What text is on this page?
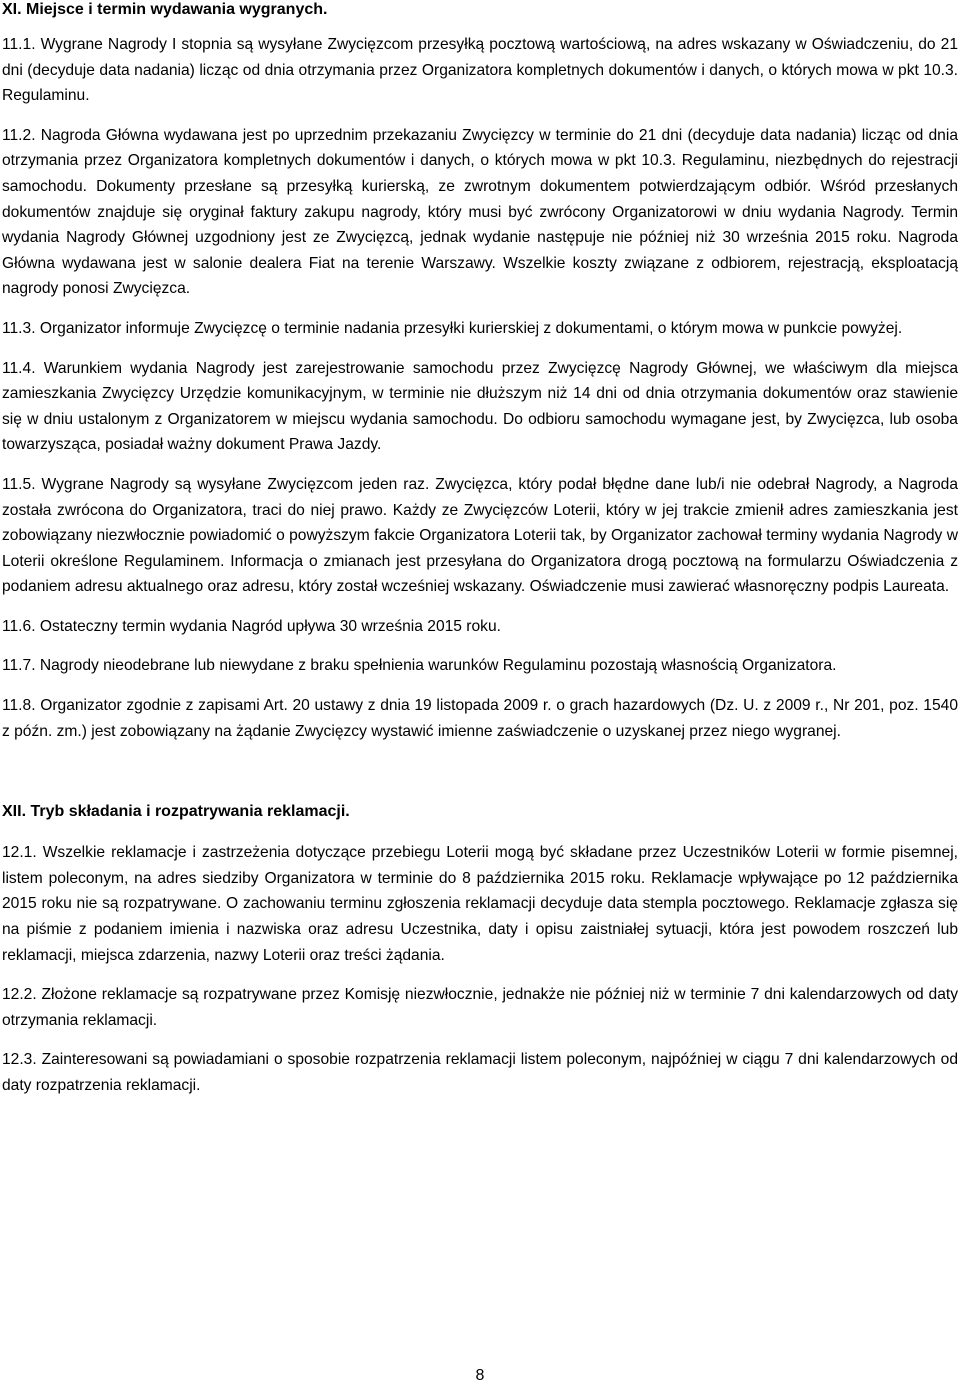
XI. Miejsce i termin wydawania wygranych.

11.1. Wygrane Nagrody I stopnia są wysyłane Zwycięzcom przesyłką pocztową wartościową, na adres wskazany w Oświadczeniu, do 21 dni (decyduje data nadania) licząc od dnia otrzymania przez Organizatora kompletnych dokumentów i danych, o których mowa w pkt 10.3. Regulaminu.

11.2. Nagroda Główna wydawana jest po uprzednim przekazaniu Zwycięzcy w terminie do 21 dni (decyduje data nadania) licząc od dnia otrzymania przez Organizatora kompletnych dokumentów i danych, o których mowa w pkt 10.3. Regulaminu, niezbędnych do rejestracji samochodu. Dokumenty przesłane są przesyłką kurierską, ze zwrotnym dokumentem potwierdzającym odbiór. Wśród przesłanych dokumentów znajduje się oryginał faktury zakupu nagrody, który musi być zwrócony Organizatorowi w dniu wydania Nagrody. Termin wydania Nagrody Głównej uzgodniony jest ze Zwycięzcą, jednak wydanie następuje nie później niż 30 września 2015 roku. Nagroda Główna wydawana jest w salonie dealera Fiat na terenie Warszawy. Wszelkie koszty związane z odbiorem, rejestracją, eksploatacją nagrody ponosi Zwycięzca.

11.3. Organizator informuje Zwycięzcę o terminie nadania przesyłki kurierskiej z dokumentami, o którym mowa w punkcie powyżej.

11.4. Warunkiem wydania Nagrody jest zarejestrowanie samochodu przez Zwycięzcę Nagrody Głównej, we właściwym dla miejsca zamieszkania Zwycięzcy Urzędzie komunikacyjnym, w terminie nie dłuższym niż 14 dni od dnia otrzymania dokumentów oraz stawienie się w dniu ustalonym z Organizatorem w miejscu wydania samochodu. Do odbioru samochodu wymagane jest, by Zwycięzca, lub osoba towarzysząca, posiadał ważny dokument Prawa Jazdy.

11.5. Wygrane Nagrody są wysyłane Zwycięzcom jeden raz. Zwycięzca, który podał błędne dane lub/i nie odebrał Nagrody, a Nagroda została zwrócona do Organizatora, traci do niej prawo. Każdy ze Zwycięzców Loterii, który w jej trakcie zmienił adres zamieszkania jest zobowiązany niezwłocznie powiadomić o powyższym fakcie Organizatora Loterii tak, by Organizator zachował terminy wydania Nagrody w Loterii określone Regulaminem. Informacja o zmianach jest przesyłana do Organizatora drogą pocztową na formularzu Oświadczenia z podaniem adresu aktualnego oraz adresu, który został wcześniej wskazany. Oświadczenie musi zawierać własnoręczny podpis Laureata.

11.6. Ostateczny termin wydania Nagród upływa 30 września 2015 roku.

11.7. Nagrody nieodebrane lub niewydane z braku spełnienia warunków Regulaminu pozostają własnością Organizatora.

11.8. Organizator zgodnie z zapisami Art. 20 ustawy z dnia 19 listopada 2009 r. o grach hazardowych (Dz. U. z 2009 r., Nr 201, poz. 1540 z późn. zm.) jest zobowiązany na żądanie Zwycięzcy wystawić imienne zaświadczenie o uzyskanej przez niego wygranej.

XII. Tryb składania i rozpatrywania reklamacji.

12.1. Wszelkie reklamacje i zastrzeżenia dotyczące przebiegu Loterii mogą być składane przez Uczestników Loterii w formie pisemnej, listem poleconym, na adres siedziby Organizatora w terminie do 8 października 2015 roku. Reklamacje wpływające po 12 października 2015 roku nie są rozpatrywane. O zachowaniu terminu zgłoszenia reklamacji decyduje data stempla pocztowego. Reklamacje zgłasza się na piśmie z podaniem imienia i nazwiska oraz adresu Uczestnika, daty i opisu zaistniałej sytuacji, która jest powodem roszczeń lub reklamacji, miejsca zdarzenia, nazwy Loterii oraz treści żądania.

12.2. Złożone reklamacje są rozpatrywane przez Komisję niezwłocznie, jednakże nie później niż w terminie 7 dni kalendarzowych od daty otrzymania reklamacji.

12.3. Zainteresowani są powiadamiani o sposobie rozpatrzenia reklamacji listem poleconym, najpóźniej w ciągu 7 dni kalendarzowych od daty rozpatrzenia reklamacji.

8
